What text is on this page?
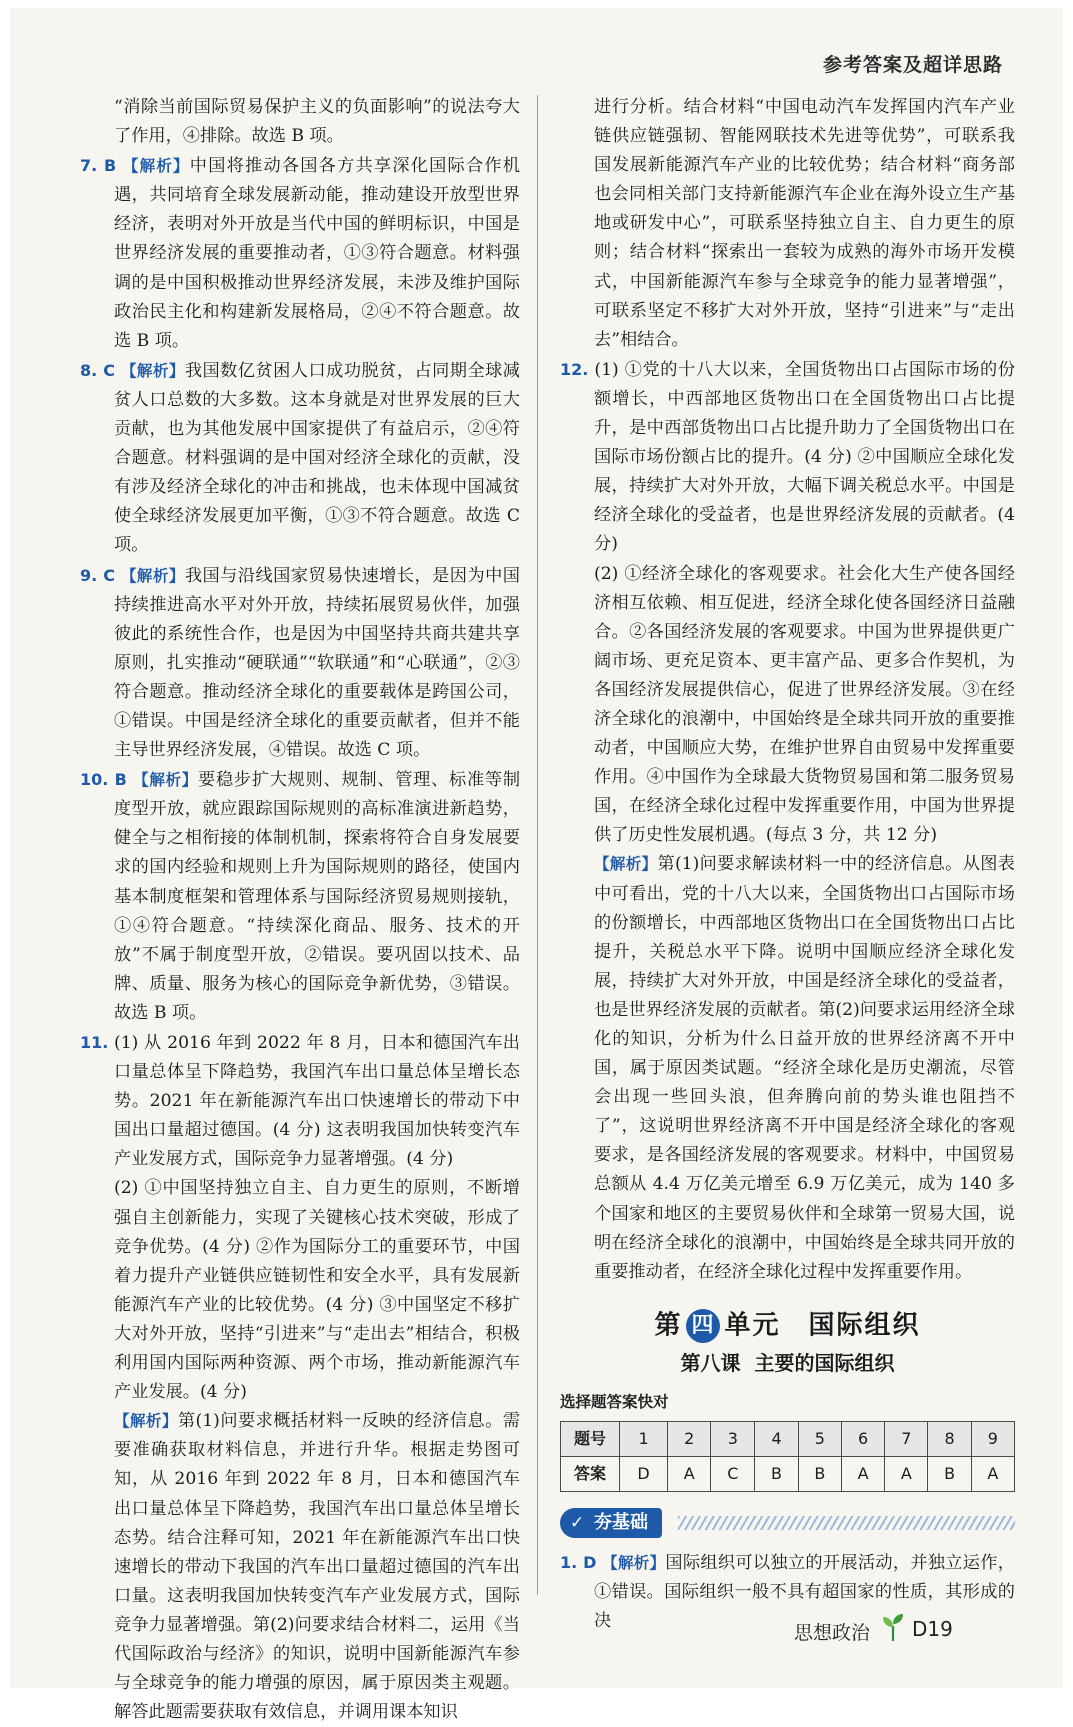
参考答案及超详思路

“消除当前国际贸易保护主义的负面影响”的说法夸大了作用，④排除。故选 B 项。

7. B 【解析】中国将推动各国各方共享深化国际合作机遇，共同培育全球发展新动能，推动建设开放型世界经济，表明对外开放是当代中国的鲜明标识，中国是世界经济发展的重要推动者，①③符合题意。材料强调的是中国积极推动世界经济发展，未涉及维护国际政治民主化和构建新发展格局，②④不符合题意。故选 B 项。

8. C 【解析】我国数亿贫困人口成功脱贫，占同期全球减贫人口总数的大多数。这本身就是对世界发展的巨大贡献，也为其他发展中国家提供了有益启示，②④符合题意。材料强调的是中国对经济全球化的贡献，没有涉及经济全球化的冲击和挑战，也未体现中国减贫使全球经济发展更加平衡，①③不符合题意。故选 C 项。

9. C 【解析】我国与沿线国家贸易快速增长，是因为中国持续推进高水平对外开放，持续拓展贸易伙伴，加强彼此的系统性合作，也是因为中国坚持共商共建共享原则，扎实推动“硬联通”“软联通”和“心联通”，②③符合题意。推动经济全球化的重要载体是跨国公司，①错误。中国是经济全球化的重要贡献者，但并不能主导世界经济发展，④错误。故选 C 项。

10. B 【解析】要稳步扩大规则、规制、管理、标准等制度型开放，就应跟踪国际规则的高标准演进新趋势，健全与之相衔接的体制机制，探索将符合自身发展要求的国内经验和规则上升为国际规则的路径，使国内基本制度框架和管理体系与国际经济贸易规则接轨，①④符合题意。“持续深化商品、服务、技术的开放”不属于制度型开放，②错误。要巩固以技术、品牌、质量、服务为核心的国际竞争新优势，③错误。故选 B 项。

11. (1) 从 2016 年到 2022 年 8 月，日本和德国汽车出口量总体呈下降趋势，我国汽车出口量总体呈增长态势。2021 年在新能源汽车出口快速增长的带动下中国出口量超过德国。(4 分) 这表明我国加快转变汽车产业发展方式，国际竞争力显著增强。(4 分)

(2) ①中国坚持独立自主、自力更生的原则，不断增强自主创新能力，实现了关键核心技术突破，形成了竞争优势。(4 分) ②作为国际分工的重要环节，中国着力提升产业链供应链韧性和安全水平，具有发展新能源汽车产业的比较优势。(4 分) ③中国坚定不移扩大对外开放，坚持“引进来”与“走出去”相结合，积极利用国内国际两种资源、两个市场，推动新能源汽车产业发展。(4 分)

【解析】第(1)问要求概括材料一反映的经济信息。需要准确获取材料信息，并进行升华。根据走势图可知，从 2016 年到 2022 年 8 月，日本和德国汽车出口量总体呈下降趋势，我国汽车出口量总体呈增长态势。结合注释可知，2021 年在新能源汽车出口快速增长的带动下我国的汽车出口量超过德国的汽车出口量。这表明我国加快转变汽车产业发展方式，国际竞争力显著增强。第(2)问要求结合材料二，运用《当代国际政治与经济》的知识，说明中国新能源汽车参与全球竞争的能力增强的原因，属于原因类主观题。解答此题需要获取有效信息，并调用课本知识

进行分析。结合材料“中国电动汽车发挥国内汽车产业链供应链强韧、智能网联技术先进等优势”，可联系我国发展新能源汽车产业的比较优势；结合材料“商务部也会同相关部门支持新能源汽车企业在海外设立生产基地或研发中心”，可联系坚持独立自主、自力更生的原则；结合材料“探索出一套较为成熟的海外市场开发模式，中国新能源汽车参与全球竞争的能力显著增强”，可联系坚定不移扩大对外开放，坚持“引进来”与“走出去”相结合。

12. (1) ①党的十八大以来，全国货物出口占国际市场的份额增长，中西部地区货物出口在全国货物出口占比提升，是中西部货物出口占比提升助力了全国货物出口在国际市场份额占比的提升。(4 分) ②中国顺应全球化发展，持续扩大对外开放，大幅下调关税总水平。中国是经济全球化的受益者，也是世界经济发展的贡献者。(4 分)

(2) ①经济全球化的客观要求。社会化大生产使各国经济相互依赖、相互促进，经济全球化使各国经济日益融合。②各国经济发展的客观要求。中国为世界提供更广阔市场、更充足资本、更丰富产品、更多合作契机，为各国经济发展提供信心，促进了世界经济发展。③在经济全球化的浪潮中，中国始终是全球共同开放的重要推动者，中国顺应大势，在维护世界自由贸易中发挥重要作用。④中国作为全球最大货物贸易国和第二服务贸易国，在经济全球化过程中发挥重要作用，中国为世界提供了历史性发展机遇。(每点 3 分，共 12 分)

【解析】第(1)问要求解读材料一中的经济信息。从图表中可看出，党的十八大以来，全国货物出口占国际市场的份额增长，中西部地区货物出口在全国货物出口占比提升，关税总水平下降。说明中国顺应经济全球化发展，持续扩大对外开放，中国是经济全球化的受益者，也是世界经济发展的贡献者。第(2)问要求运用经济全球化的知识，分析为什么日益开放的世界经济离不开中国，属于原因类试题。“经济全球化是历史潮流，尽管会出现一些回头浪，但奔腾向前的势头谁也阻挡不了”，这说明世界经济离不开中国是经济全球化的客观要求，是各国经济发展的客观要求。材料中，中国贸易总额从 4.4 万亿美元增至 6.9 万亿美元，成为 140 多个国家和地区的主要贸易伙伴和全球第一贸易大国，说明在经济全球化的浪潮中，中国始终是全球共同开放的重要推动者，在经济全球化过程中发挥重要作用。

第 四 单元 国际组织
第八课 主要的国际组织
选择题答案快对
题号	1	2	3	4	5	6	7	8	9
答案	D	A	C	B	B	A	A	B	A
✓ 夯基础

1. D 【解析】国际组织可以独立的开展活动，并独立运作，①错误。国际组织一般不具有超国家的性质，其形成的决

思想政治 D19
